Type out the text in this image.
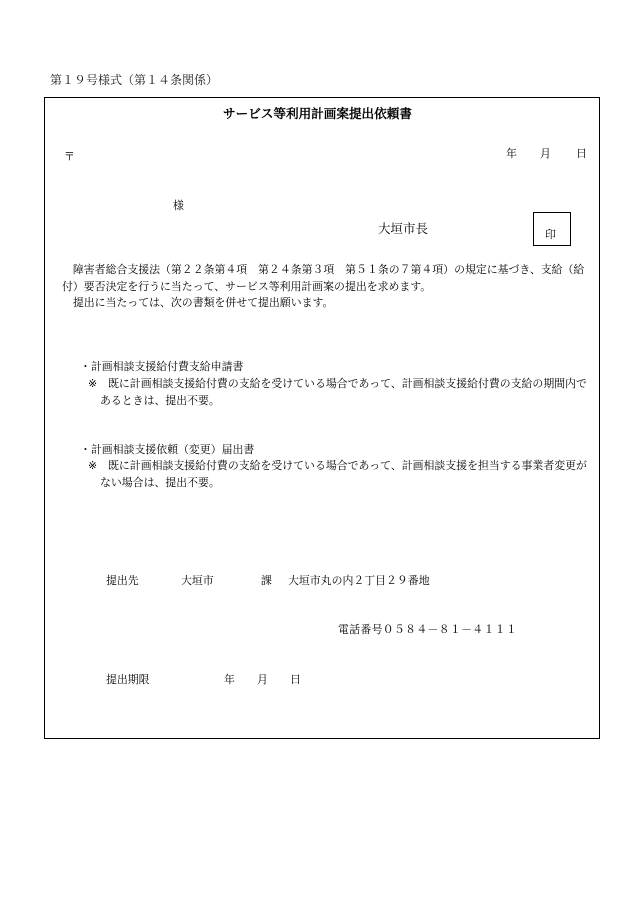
第１９号様式（第１４条関係）
サービス等利用計画案提出依頼書
〒	年 月 日
様
大垣市長	印
　障害者総合支援法（第２２条第４項　第２４条第３項　第５１条の７第４項）の規定に基づき、支給（給
付）要否決定を行うに当たって、サービス等利用計画案の提出を求めます。
　提出に当たっては、次の書類を併せて提出願います。
・計画相談支援給付費支給申請書
※　既に計画相談支援給付費の支給を受けている場合であって、計画相談支援給付費の支給の期間内で
あるときは、提出不要。
・計画相談支援依頼（変更）届出書
※　既に計画相談支援給付費の支給を受けている場合であって、計画相談支援を担当する事業者変更が
ない場合は、提出不要。
提出先	大垣市	課 大垣市丸の内２丁目２９番地
電話番号０５８４－８１－４１１１
提出期限	年 月 日
